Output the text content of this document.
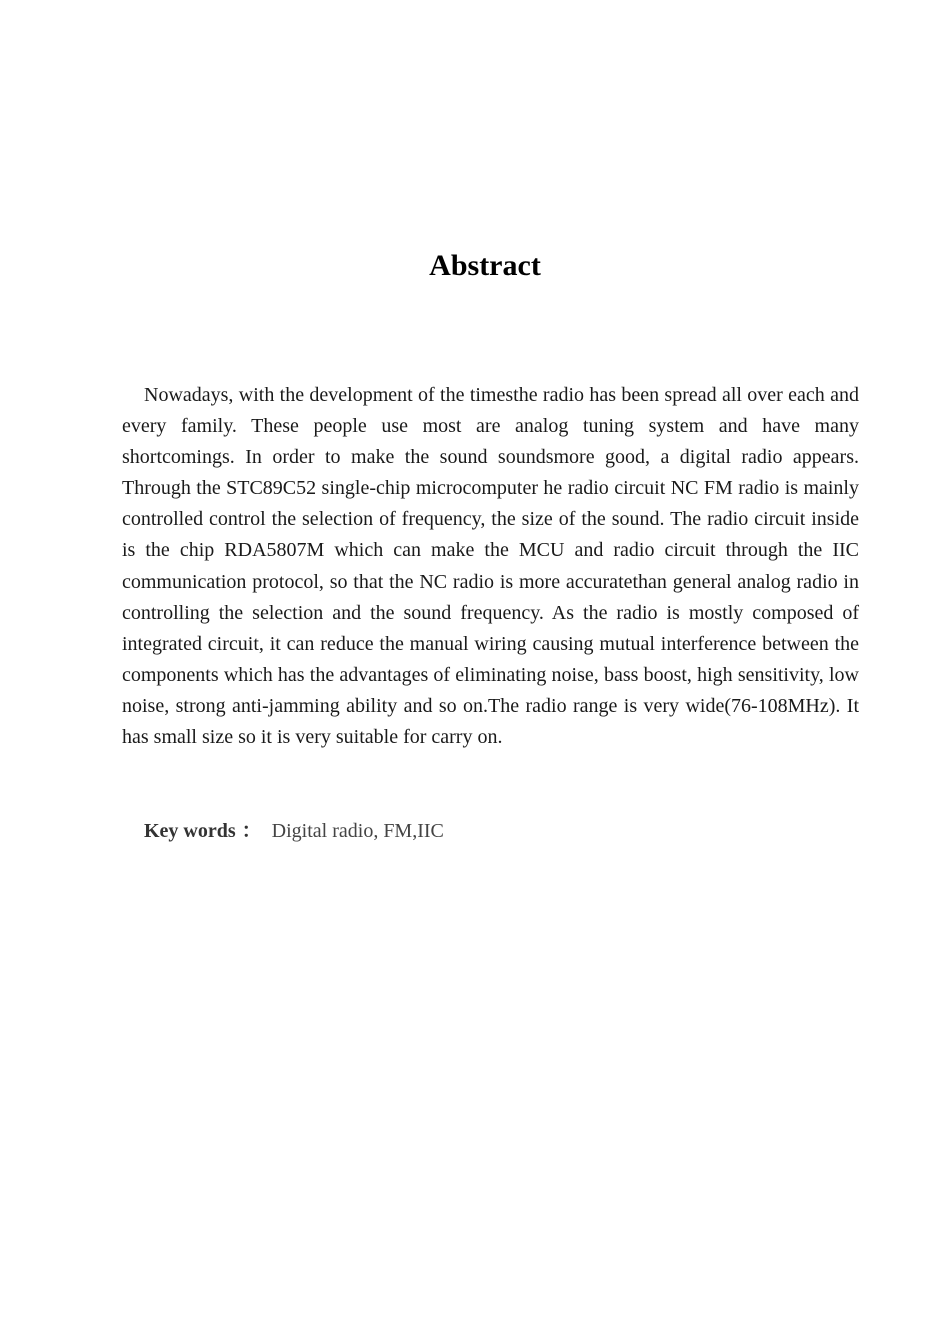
Abstract

Nowadays, with the development of the timesthe radio has been spread all over each and every family. These people use most are analog tuning system and have many shortcomings. In order to make the sound soundsmore good, a digital radio appears. Through the STC89C52 single-chip microcomputer he radio circuit NC FM radio is mainly controlled control the selection of frequency, the size of the sound. The radio circuit inside is the chip RDA5807M which can make the MCU and radio circuit through the IIC communication protocol, so that the NC radio is more accuratethan general analog radio in controlling the selection and the sound frequency. As the radio is mostly composed of integrated circuit, it can reduce the manual wiring causing mutual interference between the components which has the advantages of eliminating noise, bass boost, high sensitivity, low noise, strong anti-jamming ability and so on.The radio range is very wide(76-108MHz). It has small size so it is very suitable for carry on.

Key words ： Digital radio, FM,IIC
